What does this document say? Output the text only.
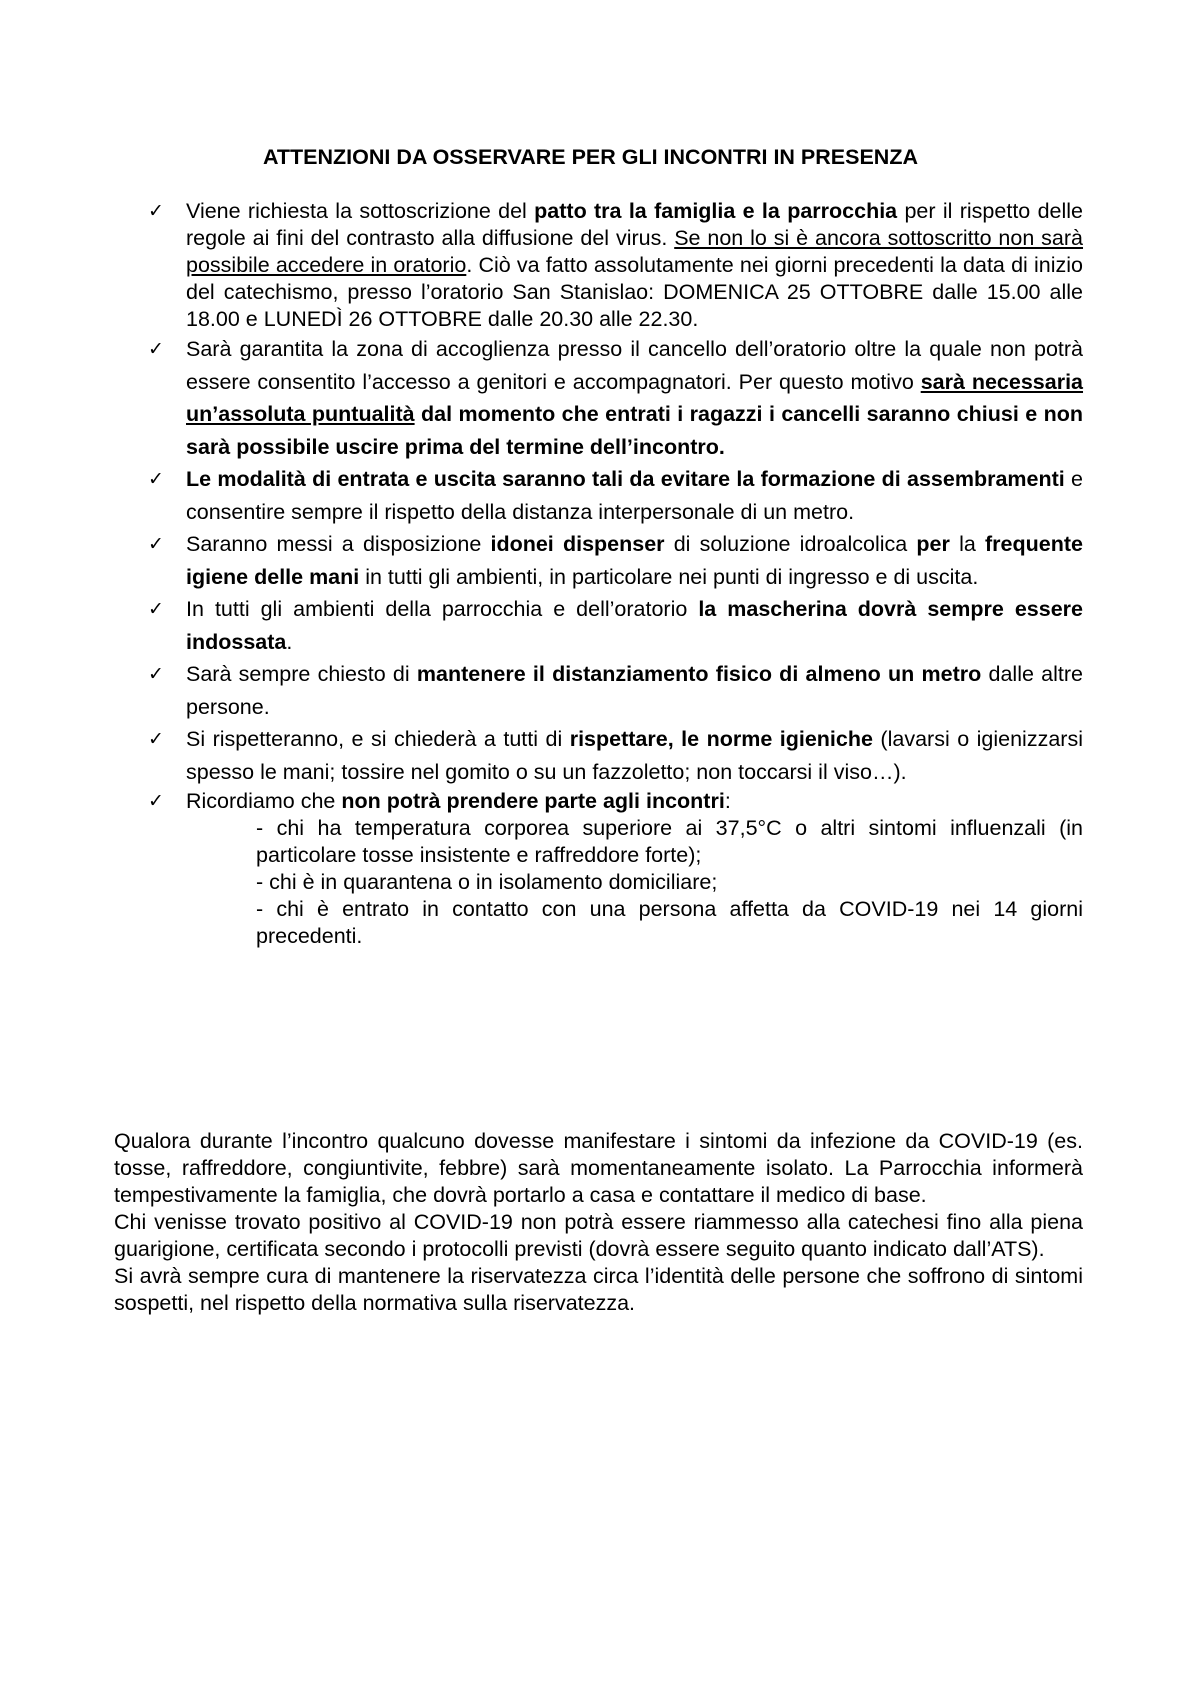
ATTENZIONI DA OSSERVARE PER GLI INCONTRI IN PRESENZA
✓ Viene richiesta la sottoscrizione del patto tra la famiglia e la parrocchia per il rispetto delle regole ai fini del contrasto alla diffusione del virus. Se non lo si è ancora sottoscritto non sarà possibile accedere in oratorio. Ciò va fatto assolutamente nei giorni precedenti la data di inizio del catechismo, presso l’oratorio San Stanislao: DOMENICA 25 OTTOBRE dalle 15.00 alle 18.00 e LUNEDÌ 26 OTTOBRE dalle 20.30 alle 22.30.

✓ Sarà garantita la zona di accoglienza presso il cancello dell’oratorio oltre la quale non potrà essere consentito l’accesso a genitori e accompagnatori. Per questo motivo sarà necessaria un’assoluta puntualità dal momento che entrati i ragazzi i cancelli saranno chiusi e non sarà possibile uscire prima del termine dell’incontro.

✓ Le modalità di entrata e uscita saranno tali da evitare la formazione di assembramenti e consentire sempre il rispetto della distanza interpersonale di un metro.

✓ Saranno messi a disposizione idonei dispenser di soluzione idroalcolica per la frequente igiene delle mani in tutti gli ambienti, in particolare nei punti di ingresso e di uscita.

✓ In tutti gli ambienti della parrocchia e dell’oratorio la mascherina dovrà sempre essere indossata.

✓ Sarà sempre chiesto di mantenere il distanziamento fisico di almeno un metro dalle altre persone.

✓ Si rispetteranno, e si chiederà a tutti di rispettare, le norme igieniche (lavarsi o igienizzarsi spesso le mani; tossire nel gomito o su un fazzoletto; non toccarsi il viso…).

✓ Ricordiamo che non potrà prendere parte agli incontri:

- chi ha temperatura corporea superiore ai 37,5°C o altri sintomi influenzali (in particolare tosse insistente e raffreddore forte);
- chi è in quarantena o in isolamento domiciliare;
- chi è entrato in contatto con una persona affetta da COVID-19 nei 14 giorni precedenti.

Qualora durante l’incontro qualcuno dovesse manifestare i sintomi da infezione da COVID-19 (es. tosse, raffreddore, congiuntivite, febbre) sarà momentaneamente isolato. La Parrocchia informerà tempestivamente la famiglia, che dovrà portarlo a casa e contattare il medico di base.

Chi venisse trovato positivo al COVID-19 non potrà essere riammesso alla catechesi fino alla piena guarigione, certificata secondo i protocolli previsti (dovrà essere seguito quanto indicato dall’ATS).

Si avrà sempre cura di mantenere la riservatezza circa l’identità delle persone che soffrono di sintomi sospetti, nel rispetto della normativa sulla riservatezza.
